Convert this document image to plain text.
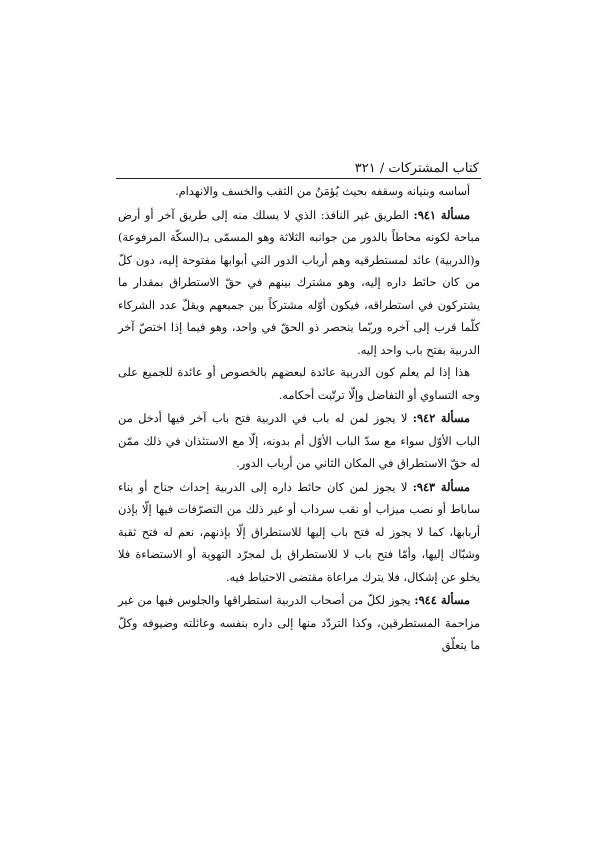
كتاب المشتركات / ٣٢١

أساسه وبنيانه وسقفه بحيث يُؤمَنُ من الثقب والخسف والانهدام.

مسألة ٩٤١: الطريق غير النافذ: الذي لا يسلك منه إلى طريق آخر أو أرض مباحة لكونه محاطاً بالدور من جوانبه الثلاثة وهو المسمّى بـ(السكّة المرفوعة) و(الدربية) عائد لمستطرقيه وهم أرباب الدور التي أبوابها مفتوحة إليه، دون كلّ من كان حائط داره إليه، وهو مشترك بينهم في حقّ الاستطراق بمقدار ما يشتركون في استطراقه، فيكون أوّله مشتركاً بين جميعهم ويقلّ عدد الشركاء كلّما قرب إلى آخره وربّما ينحصر ذو الحقّ في واحد، وهو فيما إذا اختصّ آخر الدربية بفتح باب واحد إليه.

هذا إذا لم يعلم كون الدربية عائدة لبعضهم بالخصوص أو عائدة للجميع على وجه التساوي أو التفاضل وإلّا ترتّبت أحكامه.

مسألة ٩٤٢: لا يجوز لمن له باب في الدربية فتح باب آخر فيها أدخل من الباب الأوّل سواء مع سدّ الباب الأوّل أم بدونه، إلّا مع الاستئذان في ذلك ممّن له حقّ الاستطراق في المكان الثاني من أرباب الدور.

مسألة ٩٤٣: لا يجوز لمن كان حائط داره إلى الدربية إحداث جناح أو بناء ساباط أو نصب ميزاب أو نقب سرداب أو غير ذلك من التصرّفات فيها إلّا بإذن أربابها، كما لا يجوز له فتح باب إليها للاستطراق إلّا بإذنهم، نعم له فتح ثقبة وشبّاك إليها، وأمّا فتح باب لا للاستطراق بل لمجرّد التهوية أو الاستضاءة فلا يخلو عن إشكال، فلا يترك مراعاة مقتضى الاحتياط فيه.

مسألة ٩٤٤: يجوز لكلّ من أصحاب الدربية استطراقها والجلوس فيها من غير مزاحمة المستطرقين، وكذا التردّد منها إلى داره بنفسه وعائلته وضيوفه وكلّ ما يتعلّق
